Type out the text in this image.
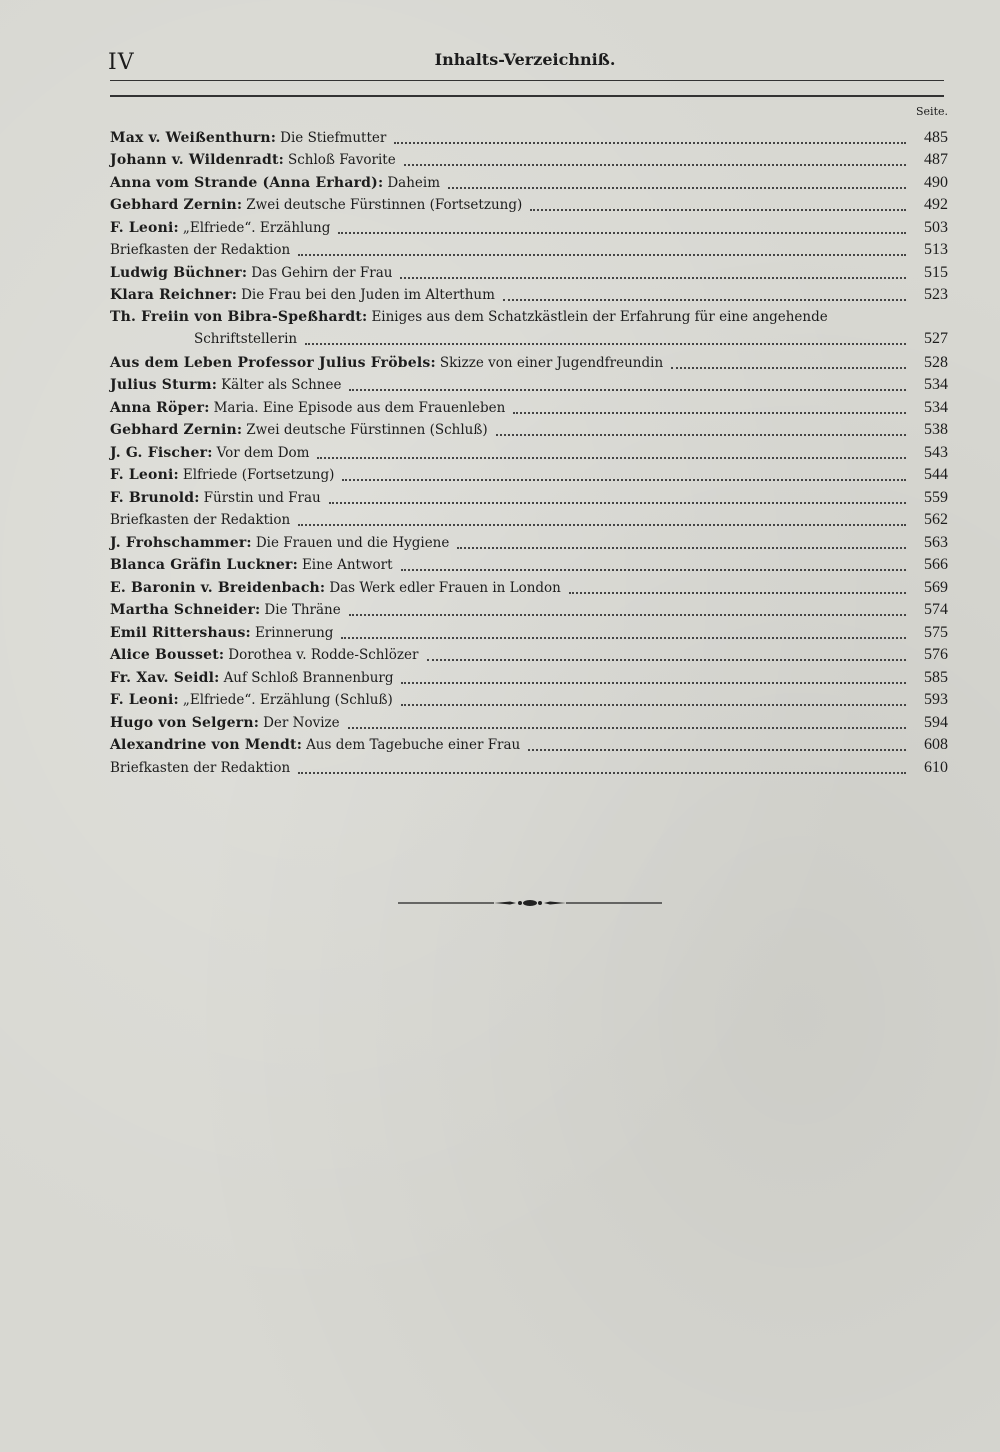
IV	Inhalts-Verzeichniß.
Seite.
Max v. Weißenthurn: Die Stiefmutter	485
Johann v. Wildenradt: Schloß Favorite	487
Anna vom Strande (Anna Erhard): Daheim	490
Gebhard Zernin: Zwei deutsche Fürstinnen (Fortsetzung)	492
F. Leoni: „Elfriede“. Erzählung	503
Briefkasten der Redaktion	513
Ludwig Büchner: Das Gehirn der Frau	515
Klara Reichner: Die Frau bei den Juden im Alterthum	523
Th. Freiin von Bibra-Speßhardt: Einiges aus dem Schatzkästlein der Erfahrung für eine angehende
Schriftstellerin	527
Aus dem Leben Professor Julius Fröbels: Skizze von einer Jugendfreundin	528
Julius Sturm: Kälter als Schnee	534
Anna Röper: Maria. Eine Episode aus dem Frauenleben	534
Gebhard Zernin: Zwei deutsche Fürstinnen (Schluß)	538
J. G. Fischer: Vor dem Dom	543
F. Leoni: Elfriede (Fortsetzung)	544
F. Brunold: Fürstin und Frau	559
Briefkasten der Redaktion	562
J. Frohschammer: Die Frauen und die Hygiene	563
Blanca Gräfin Luckner: Eine Antwort	566
E. Baronin v. Breidenbach: Das Werk edler Frauen in London	569
Martha Schneider: Die Thräne	574
Emil Rittershaus: Erinnerung	575
Alice Bousset: Dorothea v. Rodde-Schlözer	576
Fr. Xav. Seidl: Auf Schloß Brannenburg	585
F. Leoni: „Elfriede“. Erzählung (Schluß)	593
Hugo von Selgern: Der Novize	594
Alexandrine von Mendt: Aus dem Tagebuche einer Frau	608
Briefkasten der Redaktion	610
